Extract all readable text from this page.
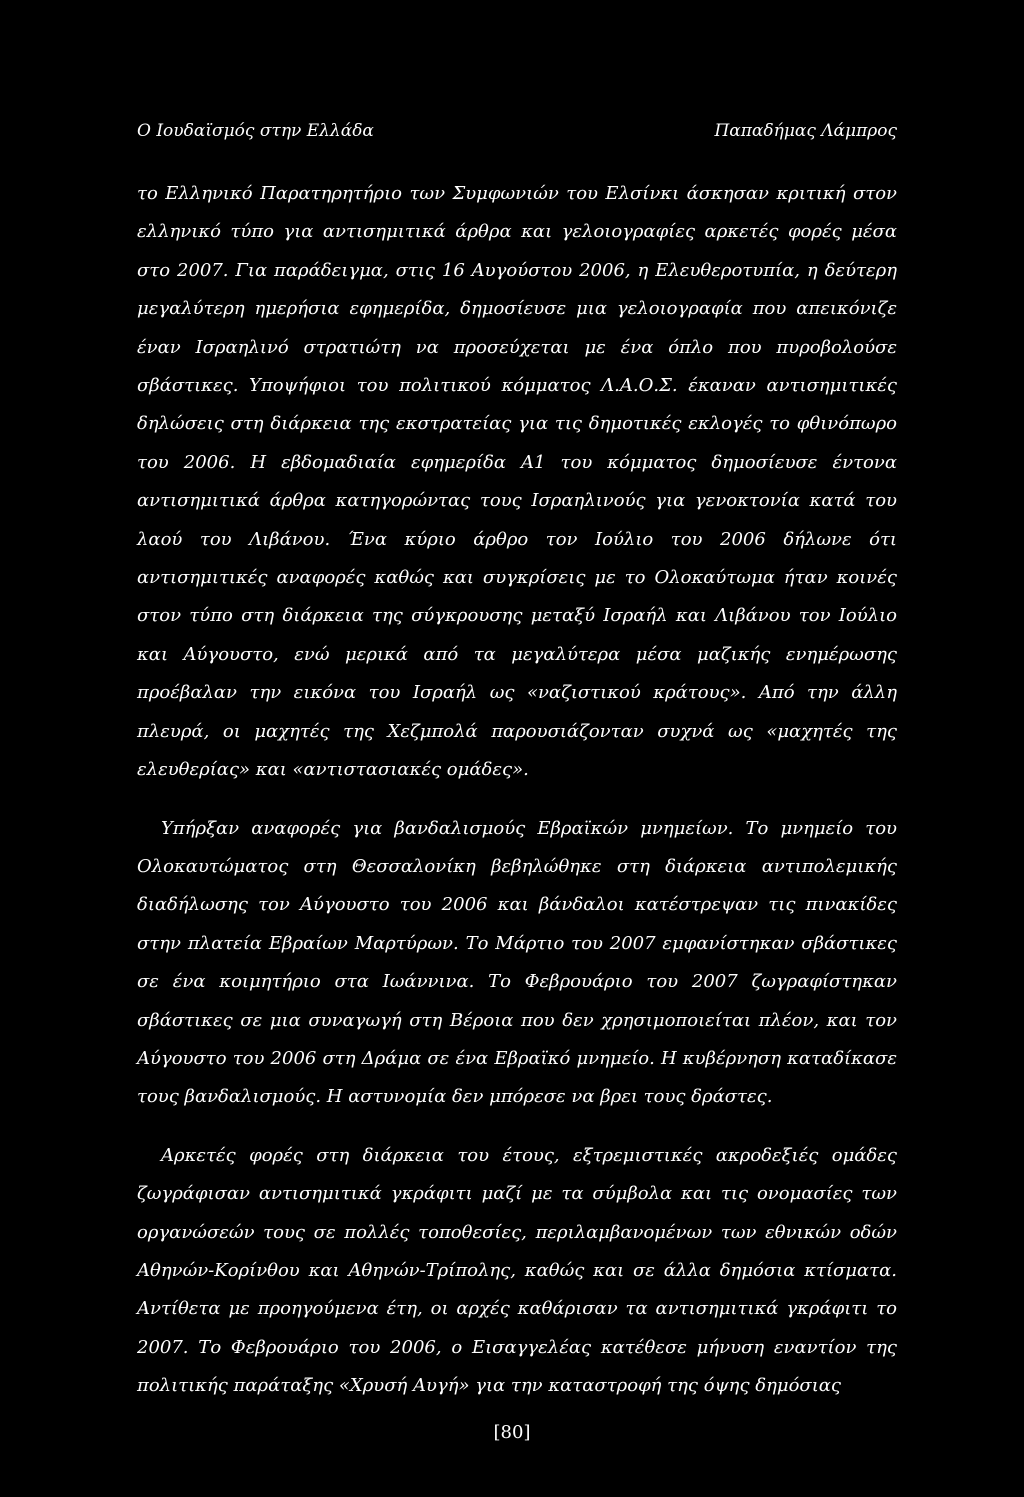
Ο Ιουδαϊσμός στην Ελλάδα	Παπαδήμας Λάμπρος

το Ελληνικό Παρατηρητήριο των Συμφωνιών του Ελσίνκι άσκησαν κριτική στον ελληνικό τύπο για αντισημιτικά άρθρα και γελοιογραφίες αρκετές φορές μέσα στο 2007. Για παράδειγμα, στις 16 Αυγούστου 2006, η Ελευθεροτυπία, η δεύτερη μεγαλύτερη ημερήσια εφημερίδα, δημοσίευσε μια γελοιογραφία που απεικόνιζε έναν Ισραηλινό στρατιώτη να προσεύχεται με ένα όπλο που πυροβολούσε σβάστικες. Υποψήφιοι του πολιτικού κόμματος Λ.Α.Ο.Σ. έκαναν αντισημιτικές δηλώσεις στη διάρκεια της εκστρατείας για τις δημοτικές εκλογές το φθινόπωρο του 2006. Η εβδομαδιαία εφημερίδα Α1 του κόμματος δημοσίευσε έντονα αντισημιτικά άρθρα κατηγορώντας τους Ισραηλινούς για γενοκτονία κατά του λαού του Λιβάνου. Ένα κύριο άρθρο τον Ιούλιο του 2006 δήλωνε ότι αντισημιτικές αναφορές καθώς και συγκρίσεις με το Ολοκαύτωμα ήταν κοινές στον τύπο στη διάρκεια της σύγκρουσης μεταξύ Ισραήλ και Λιβάνου τον Ιούλιο και Αύγουστο, ενώ μερικά από τα μεγαλύτερα μέσα μαζικής ενημέρωσης προέβαλαν την εικόνα του Ισραήλ ως «ναζιστικού κράτους». Από την άλλη πλευρά, οι μαχητές της Χεζμπολά παρουσιάζονταν συχνά ως «μαχητές της ελευθερίας» και «αντιστασιακές ομάδες».

Υπήρξαν αναφορές για βανδαλισμούς Εβραϊκών μνημείων. Το μνημείο του Ολοκαυτώματος στη Θεσσαλονίκη βεβηλώθηκε στη διάρκεια αντιπολεμικής διαδήλωσης τον Αύγουστο του 2006 και βάνδαλοι κατέστρεψαν τις πινακίδες στην πλατεία Εβραίων Μαρτύρων. Το Μάρτιο του 2007 εμφανίστηκαν σβάστικες σε ένα κοιμητήριο στα Ιωάννινα. Το Φεβρουάριο του 2007 ζωγραφίστηκαν σβάστικες σε μια συναγωγή στη Βέροια που δεν χρησιμοποιείται πλέον, και τον Αύγουστο του 2006 στη Δράμα σε ένα Εβραϊκό μνημείο. Η κυβέρνηση καταδίκασε τους βανδαλισμούς. Η αστυνομία δεν μπόρεσε να βρει τους δράστες.

Αρκετές φορές στη διάρκεια του έτους, εξτρεμιστικές ακροδεξιές ομάδες ζωγράφισαν αντισημιτικά γκράφιτι μαζί με τα σύμβολα και τις ονομασίες των οργανώσεών τους σε πολλές τοποθεσίες, περιλαμβανομένων των εθνικών οδών Αθηνών-Κορίνθου και Αθηνών-Τρίπολης, καθώς και σε άλλα δημόσια κτίσματα. Αντίθετα με προηγούμενα έτη, οι αρχές καθάρισαν τα αντισημιτικά γκράφιτι το 2007. Το Φεβρουάριο του 2006, ο Εισαγγελέας κατέθεσε μήνυση εναντίον της πολιτικής παράταξης «Χρυσή Αυγή» για την καταστροφή της όψης δημόσιας

[80]
